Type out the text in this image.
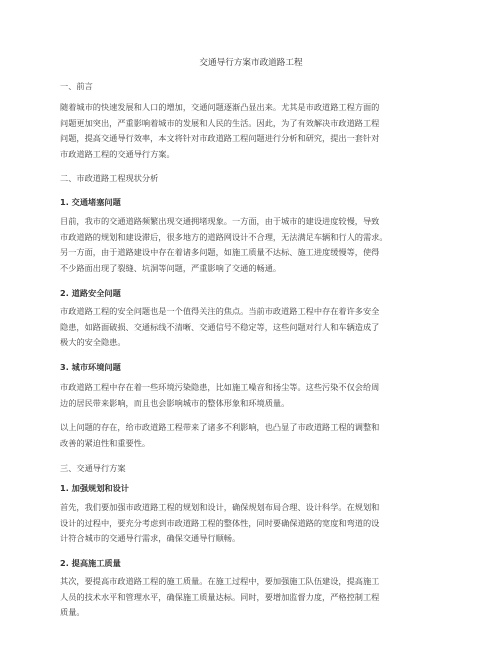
交通导行方案市政道路工程
一、前言
随着城市的快速发展和人口的增加，交通问题逐渐凸显出来。尤其是市政道路工程方面的
问题更加突出，严重影响着城市的发展和人民的生活。因此，为了有效解决市政道路工程
问题，提高交通导行效率，本文将针对市政道路工程问题进行分析和研究，提出一套针对
市政道路工程的交通导行方案。
二、市政道路工程现状分析
1. 交通堵塞问题
目前，我市的交通道路频繁出现交通拥堵现象。一方面，由于城市的建设进度较慢，导致
市政道路的规划和建设滞后，很多地方的道路网设计不合理，无法满足车辆和行人的需求。
另一方面，由于道路建设中存在着诸多问题，如施工质量不达标、施工进度缓慢等，使得
不少路面出现了裂缝、坑洞等问题，严重影响了交通的畅通。
2. 道路安全问题
市政道路工程的安全问题也是一个值得关注的焦点。当前市政道路工程中存在着许多安全
隐患，如路面破损、交通标线不清晰、交通信号不稳定等，这些问题对行人和车辆造成了
极大的安全隐患。
3. 城市环境问题
市政道路工程中存在着一些环境污染隐患，比如施工噪音和扬尘等。这些污染不仅会给周
边的居民带来影响，而且也会影响城市的整体形象和环境质量。
以上问题的存在，给市政道路工程带来了诸多不利影响，也凸显了市政道路工程的调整和
改善的紧迫性和重要性。
三、交通导行方案
1. 加强规划和设计
首先，我们要加强市政道路工程的规划和设计，确保规划布局合理、设计科学。在规划和
设计的过程中，要充分考虑到市政道路工程的整体性，同时要确保道路的宽度和弯道的设
计符合城市的交通导行需求，确保交通导行顺畅。
2. 提高施工质量
其次，要提高市政道路工程的施工质量。在施工过程中，要加强施工队伍建设，提高施工
人员的技术水平和管理水平，确保施工质量达标。同时，要增加监督力度，严格控制工程
质量。
